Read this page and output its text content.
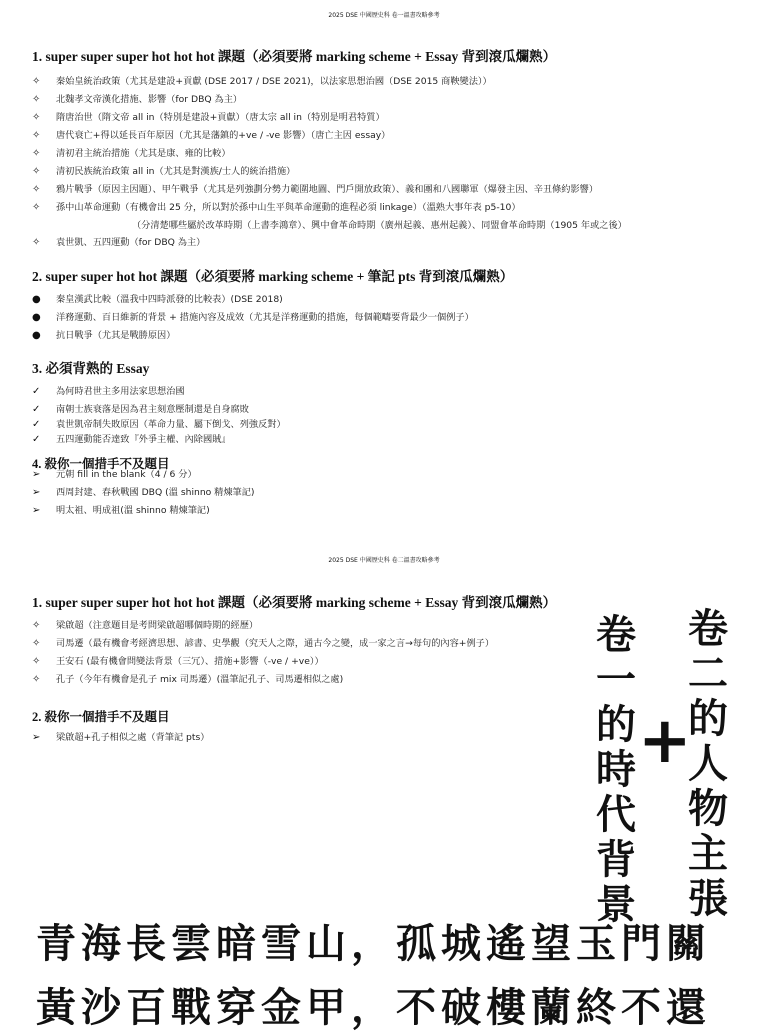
2025 DSE 中國歷史科 卷一溫書攻略參考
1. super super super hot hot hot 課題（必須要將 marking scheme + Essay 背到滾瓜爛熟）
✧	秦始皇統治政策（尤其是建設+貢獻 (DSE 2017 / DSE 2021)，以法家思想治國（DSE 2015 商鞅變法））
✧	北魏孝文帝漢化措施、影響（for DBQ 為主）
✧	隋唐治世（隋文帝 all in（特別是建設+貢獻）（唐太宗 all in（特別是明君特質）
✧	唐代衰亡+得以延長百年原因（尤其是藩鎮的+ve / -ve 影響）（唐亡主因 essay）
✧	清初君主統治措施（尤其是康、雍的比較）
✧	清初民族統治政策 all in（尤其是對漢族/士人的統治措施）
✧	鴉片戰爭（原因主因題）、甲午戰爭（尤其是列強劃分勢力範圍地圖、門戶開放政策）、義和團和八國聯軍（爆發主因、辛丑條約影響）
✧	孫中山革命運動（有機會出 25 分，所以對於孫中山生平與革命運動的進程必須 linkage）（溫熟大事年表 p5-10）
（分清楚哪些屬於改革時期（上書李鴻章）、興中會革命時期（廣州起義、惠州起義）、同盟會革命時期（1905 年或之後）
✧	袁世凱、五四運動（for DBQ 為主）
2. super super hot hot 課題（必須要將 marking scheme + 筆記 pts 背到滾瓜爛熟）
●	秦皇漢武比較（溫我中四時派發的比較表）(DSE 2018)
●	洋務運動、百日維新的背景 + 措施內容及成效（尤其是洋務運動的措施，每個範疇要背最少一個例子）
●	抗日戰爭（尤其是戰勝原因）
3. 必須背熟的 Essay
✓	為何時君世主多用法家思想治國
✓	南朝士族衰落是因為君主刻意壓制還是自身腐敗
✓	袁世凱帝制失敗原因（革命力量、屬下倒戈、列強反對）
✓	五四運動能否達致『外爭主權、內除國賊』
4. 殺你一個措手不及題目
➢	元朝 fill in the blank（4 / 6 分）
➢	西周封建、春秋戰國 DBQ (溫 shinno 精煉筆記)
➢	明太祖、明成祖(溫 shinno 精煉筆記)
2025 DSE 中國歷史科 卷二溫書攻略參考
1. super super super hot hot hot 課題（必須要將 marking scheme + Essay 背到滾瓜爛熟）
✧	梁啟超（注意題目是考問梁啟超哪個時期的經歷）
✧	司馬遷（最有機會考經濟思想、諺書、史學觀（究天人之際，通古今之變，成一家之言→每句的內容+例子）
✧	王安石 (最有機會問變法背景（三冗）、措施+影響（-ve / +ve））
✧	孔子（今年有機會是孔子 mix 司馬遷）(溫筆記孔子、司馬遷相似之處)
2. 殺你一個措手不及題目
➢	梁啟超+孔子相似之處（背筆記 pts）
卷一的時代背景
+
卷二的人物主張
青海長雲暗雪山，孤城遙望玉門關
黃沙百戰穿金甲，不破樓蘭終不還
